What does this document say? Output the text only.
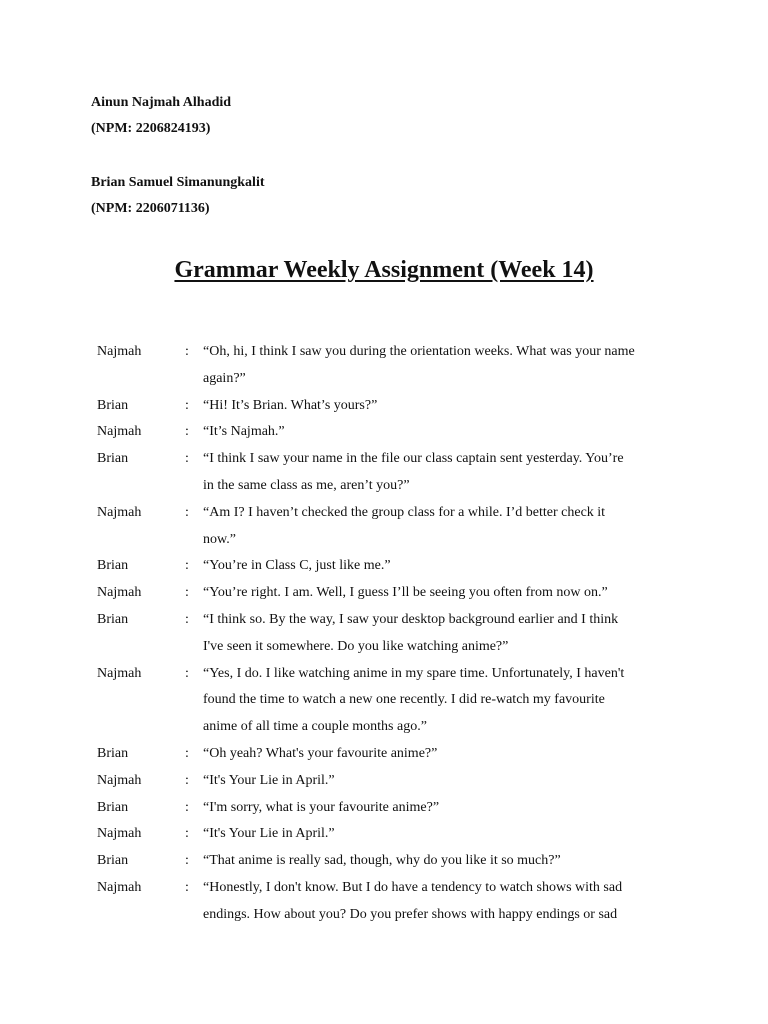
Ainun Najmah Alhadid
(NPM: 2206824193)
Brian Samuel Simanungkalit
(NPM: 2206071136)
Grammar Weekly Assignment (Week 14)
Najmah	:	“Oh, hi, I think I saw you during the orientation weeks. What was your name
again?”
Brian	:	“Hi! It’s Brian. What’s yours?”
Najmah	:	“It’s Najmah.”
Brian	:	“I think I saw your name in the file our class captain sent yesterday. You’re
in the same class as me, aren’t you?”
Najmah	:	“Am I? I haven’t checked the group class for a while. I’d better check it
now.”
Brian	:	“You’re in Class C, just like me.”
Najmah	:	“You’re right. I am. Well, I guess I’ll be seeing you often from now on.”
Brian	:	“I think so. By the way, I saw your desktop background earlier and I think
I've seen it somewhere. Do you like watching anime?”
Najmah	:	“Yes, I do. I like watching anime in my spare time. Unfortunately, I haven't
found the time to watch a new one recently. I did re-watch my favourite
anime of all time a couple months ago.”
Brian	:	“Oh yeah? What's your favourite anime?”
Najmah	:	“It's Your Lie in April.”
Brian	:	“I'm sorry, what is your favourite anime?”
Najmah	:	“It's Your Lie in April.”
Brian	:	“That anime is really sad, though, why do you like it so much?”
Najmah	:	“Honestly, I don't know. But I do have a tendency to watch shows with sad
endings. How about you? Do you prefer shows with happy endings or sad
